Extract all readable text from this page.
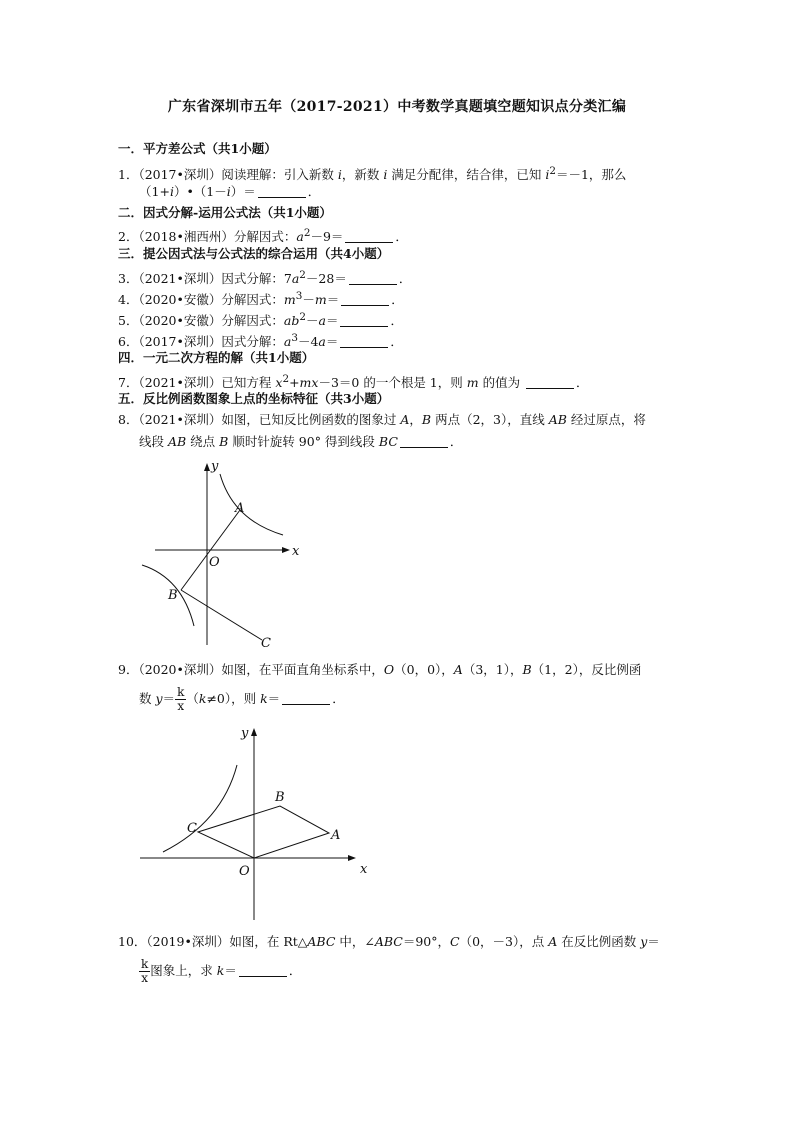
广东省深圳市五年（2017-2021）中考数学真题填空题知识点分类汇编
一．平方差公式（共1小题）
1．（2017•深圳）阅读理解：引入新数 i，新数 i 满足分配律，结合律，已知 $i^2=-1$，那么
（1+i）•（1－i）＝	．
二．因式分解-运用公式法（共1小题）
2．（2018•湘西州）分解因式：$a^2-9=$	．
三．提公因式法与公式法的综合运用（共4小题）
3．（2021•深圳）因式分解：$7a^2-28=$	．
4．（2020•安徽）分解因式：$m^3-m=$	．
5．（2020•安徽）分解因式：$ab^2-a=$	．
6．（2017•深圳）因式分解：$a^3-4a=$	．
四．一元二次方程的解（共1小题）
7．（2021•深圳）已知方程 $x^2+mx-3=0$ 的一个根是 1，则 m 的值为	．
五．反比例函数图象上点的坐标特征（共3小题）
8．（2021•深圳）如图，已知反比例函数的图象过 A，B 两点（2，3），直线 AB 经过原点，将
线段 AB 绕点 B 顺时针旋转 90° 得到线段 BC	．
x
y
O
A
B
C
9．（2020•深圳）如图，在平面直角坐标系中，O（0，0），A（3，1），B（1，2），反比例函
数 $y= \frac{k}{x} (k\ne 0)$，则 k＝	．
x
y
O
A
B
C
10．（2019•深圳）如图，在 Rt△ABC 中，∠ABC＝90°，C（0，－3），点 A 在反比例函数 y＝
$\frac{k}{x}$ 图象上，求 k＝	．
